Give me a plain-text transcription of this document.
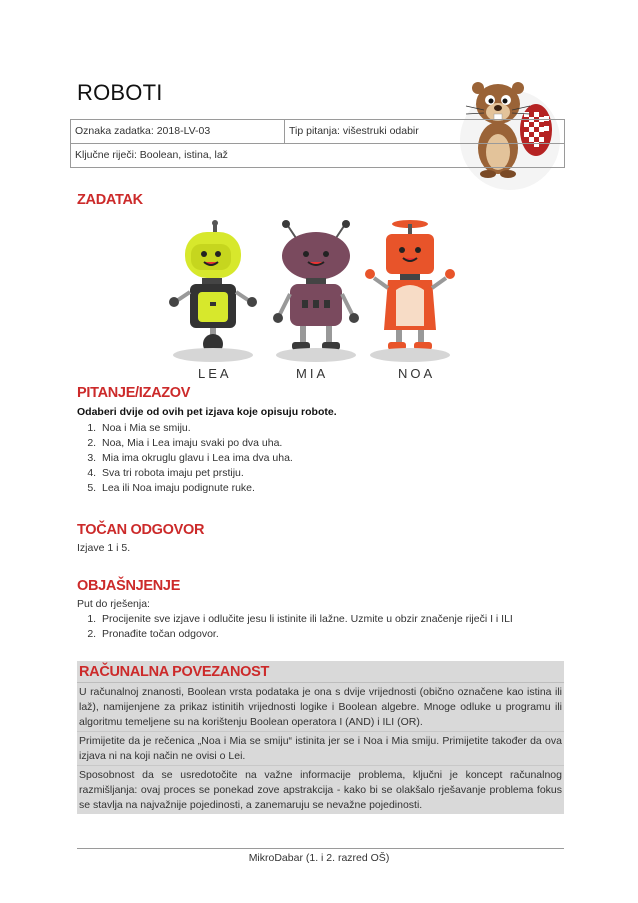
ROBOTI
Oznaka zadatka: 2018-LV-03	Tip pitanja: višestruki odabir
Ključne riječi: Boolean, istina, laž
ZADATAK
LEA	MIA	NOA
PITANJE/IZAZOV
Odaberi dvije od ovih pet izjava koje opisuju robote.
1. Noa i Mia se smiju.
2. Noa, Mia i Lea imaju svaki po dva uha.
3. Mia ima okruglu glavu i Lea ima dva uha.
4. Sva tri robota imaju pet prstiju.
5. Lea ili Noa imaju podignute ruke.
TOČAN ODGOVOR
Izjave 1 i 5.
OBJAŠNJENJE
Put do rješenja:
1. Procijenite sve izjave i odlučite jesu li istinite ili lažne. Uzmite u obzir značenje riječi I i ILI
2. Pronađite točan odgovor.
RAČUNALNA POVEZANOST
U računalnoj znanosti, Boolean vrsta podataka je ona s dvije vrijednosti (obično označene kao istina ili laž), namijenjene za prikaz istinitih vrijednosti logike i Boolean algebre. Mnoge odluke u programu ili algoritmu temeljene su na korištenju Boolean operatora I (AND) i ILI (OR).
Primijetite da je rečenica „Noa i Mia se smiju“ istinita jer se i Noa i Mia smiju. Primijetite također da ova izjava ni na koji način ne ovisi o Lei.
Sposobnost da se usredotočite na važne informacije problema, ključni je koncept računalnog razmišljanja: ovaj proces se ponekad zove apstrakcija - kako bi se olakšalo rješavanje problema fokus se stavlja na najvažnije pojedinosti, a zanemaruju se nevažne pojedinosti.
MikroDabar (1. i 2. razred OŠ)
